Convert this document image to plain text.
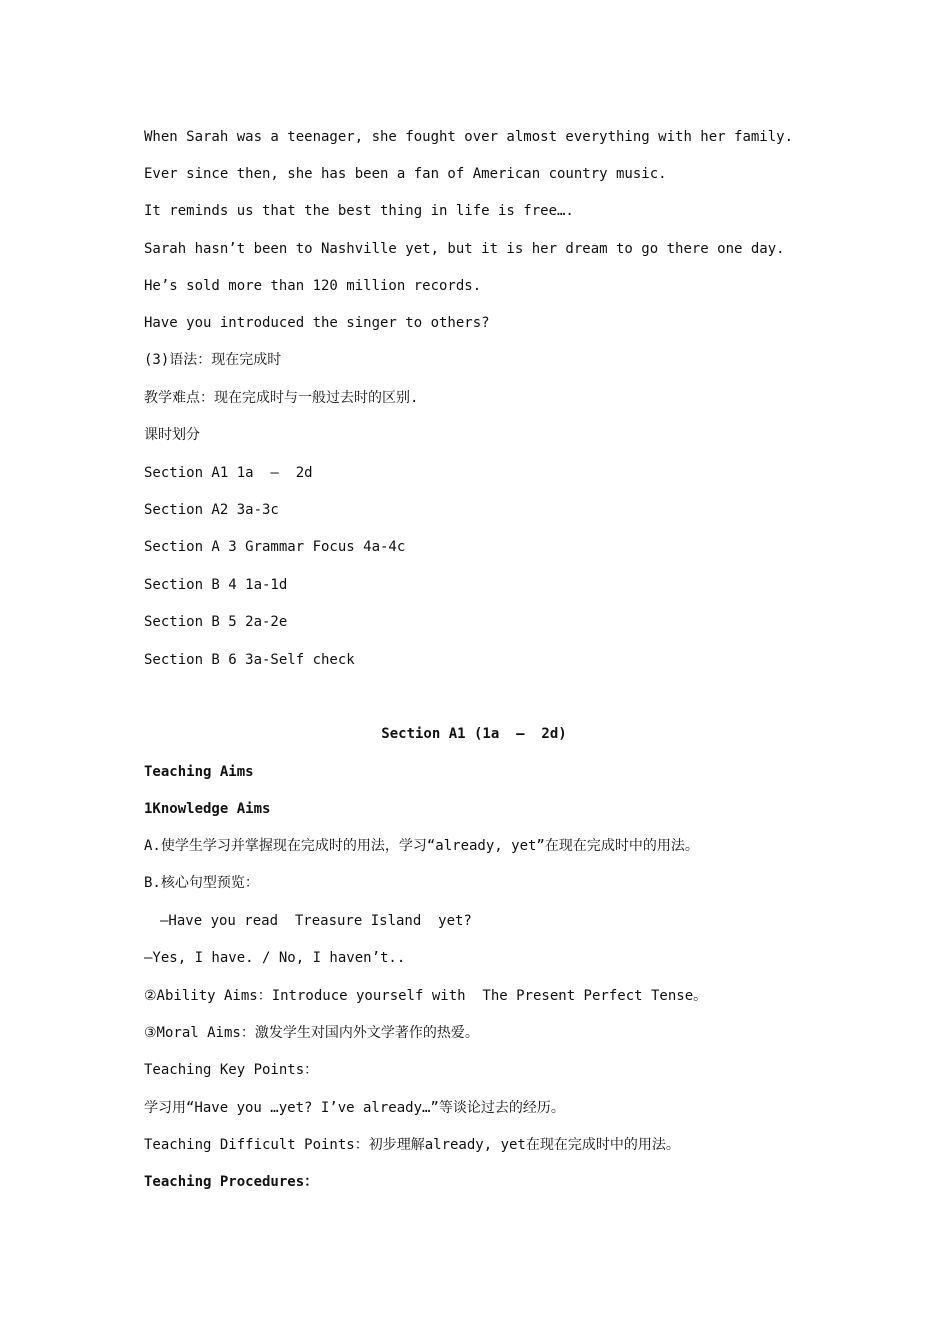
When Sarah was a teenager, she fought over almost everything with her family.
Ever since then, she has been a fan of American country music.
It reminds us that the best thing in life is free….
Sarah hasn’t been to Nashville yet, but it is her dream to go there one day.
He’s sold more than 120 million records.
Have you introduced the singer to others?
(3)语法：现在完成时
教学难点：现在完成时与一般过去时的区别.
课时划分
Section A1 1a  –  2d
Section A2 3a-3c
Section A 3 Grammar Focus 4a-4c
Section B 4 1a-1d
Section B 5 2a-2e
Section B 6 3a-Self check
Section A1 (1a  –  2d)
Teaching Aims
1Knowledge Aims
A.使学生学习并掌握现在完成时的用法，学习“already, yet”在现在完成时中的用法。
B.核心句型预览：
—Have you read  Treasure Island  yet?
—Yes, I have. / No, I haven’t..
②Ability Aims：Introduce yourself with  The Present Perfect Tense。
③Moral Aims：激发学生对国内外文学著作的热爱。
Teaching Key Points：
学习用“Have you …yet? I’ve already…”等谈论过去的经历。
Teaching Difficult Points：初步理解already, yet在现在完成时中的用法。
Teaching Procedures：
